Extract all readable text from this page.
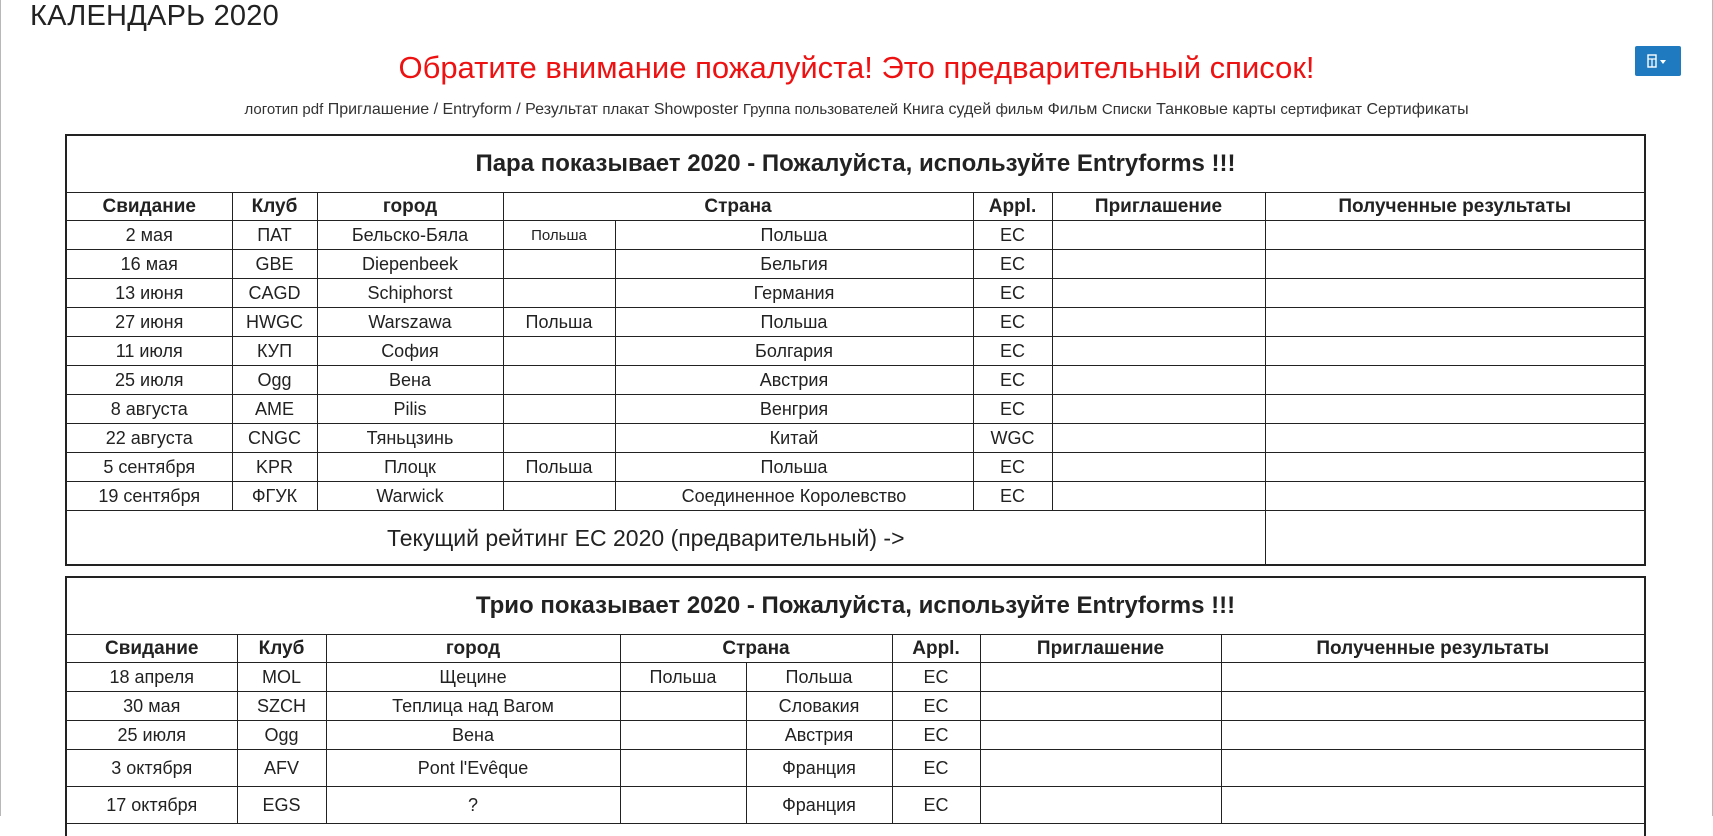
КАЛЕНДАРЬ 2020
Обратите внимание пожалуйста! Это предварительный список!
логотип pdf Приглашение / Entryform / Результат плакат Showposter Группа пользователей Книга судей фильм Фильм Списки Танковые карты сертификат Сертификаты
Пара показывает 2020 - Пожалуйста, используйте Entryforms !!!
Свидание	Клуб	город	Страна		Appl.	Приглашение	Полученные результаты
2 мая	ПАТ	Бельско-Бяла	Польша	Польша	EC		
16 мая	GBE	Diepenbeek		Бельгия	EC		
13 июня	CAGD	Schiphorst		Германия	EC		
27 июня	HWGC	Warszawa	Польша	Польша	EC		
11 июля	КУП	София		Болгария	EC		
25 июля	Ogg	Вена		Австрия	EC		
8 августа	AME	Pilis		Венгрия	EC		
22 августа	CNGC	Тяньцзинь		Китай	WGC		
5 сентября	KPR	Плоцк	Польша	Польша	EC		
19 сентября	ФГУК	Warwick		Соединенное Королевство	EC		
Текущий рейтинг EC 2020 (предварительный) ->							
Трио показывает 2020 - Пожалуйста, используйте Entryforms !!!
Свидание	Клуб	город	Страна		Appl.	Приглашение	Полученные результаты
18 апреля	MOL	Щецине	Польша	Польша	EC		
30 мая	SZCH	Теплица над Вагом		Словакия	EC		
25 июля	Ogg	Вена		Австрия	EC		
3 октября	AFV	Pont l'Evêque		Франция	EC		
17 октября	EGS	?		Франция	EC		
